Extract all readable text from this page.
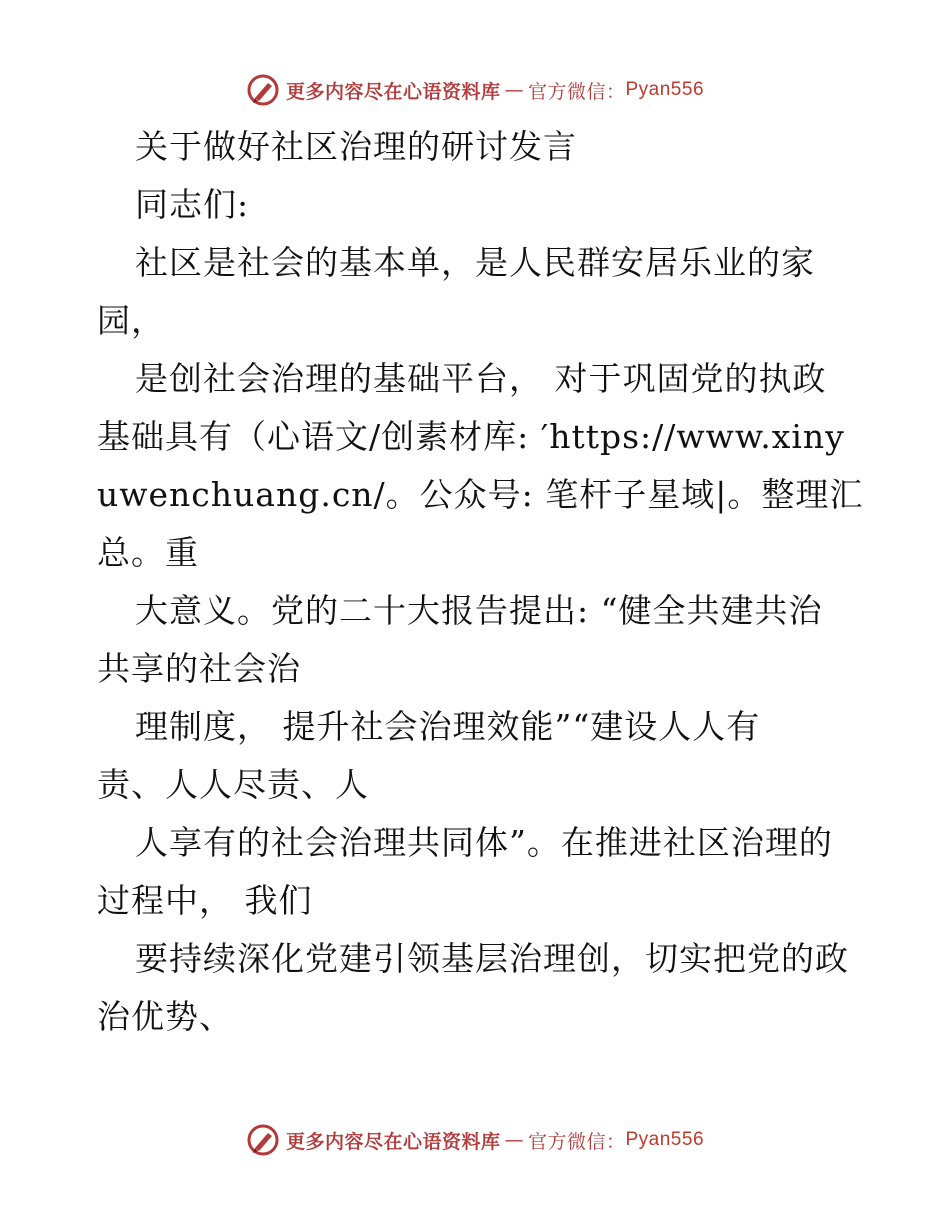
更多内容尽在心语资料库 — 官方微信： Pyan556
关于做好社区治理的研讨发言
同志们:
社区是社会的基本单，是人民群安居乐业的家
园，
是创社会治理的基础平台， 对于巩固党的执政
基础具有（心语文/创素材库: ′https://www.xiny
uwenchuang.cn/。公众号: 笔杆子星域|。整理汇
总。重
大意义。党的二十大报告提出: “健全共建共治
共享的社会治
理制度， 提升社会治理效能”“建设人人有
责、人人尽责、人
人享有的社会治理共同体”。在推进社区治理的
过程中， 我们
要持续深化党建引领基层治理创，切实把党的政
治优势、
更多内容尽在心语资料库 — 官方微信： Pyan556
